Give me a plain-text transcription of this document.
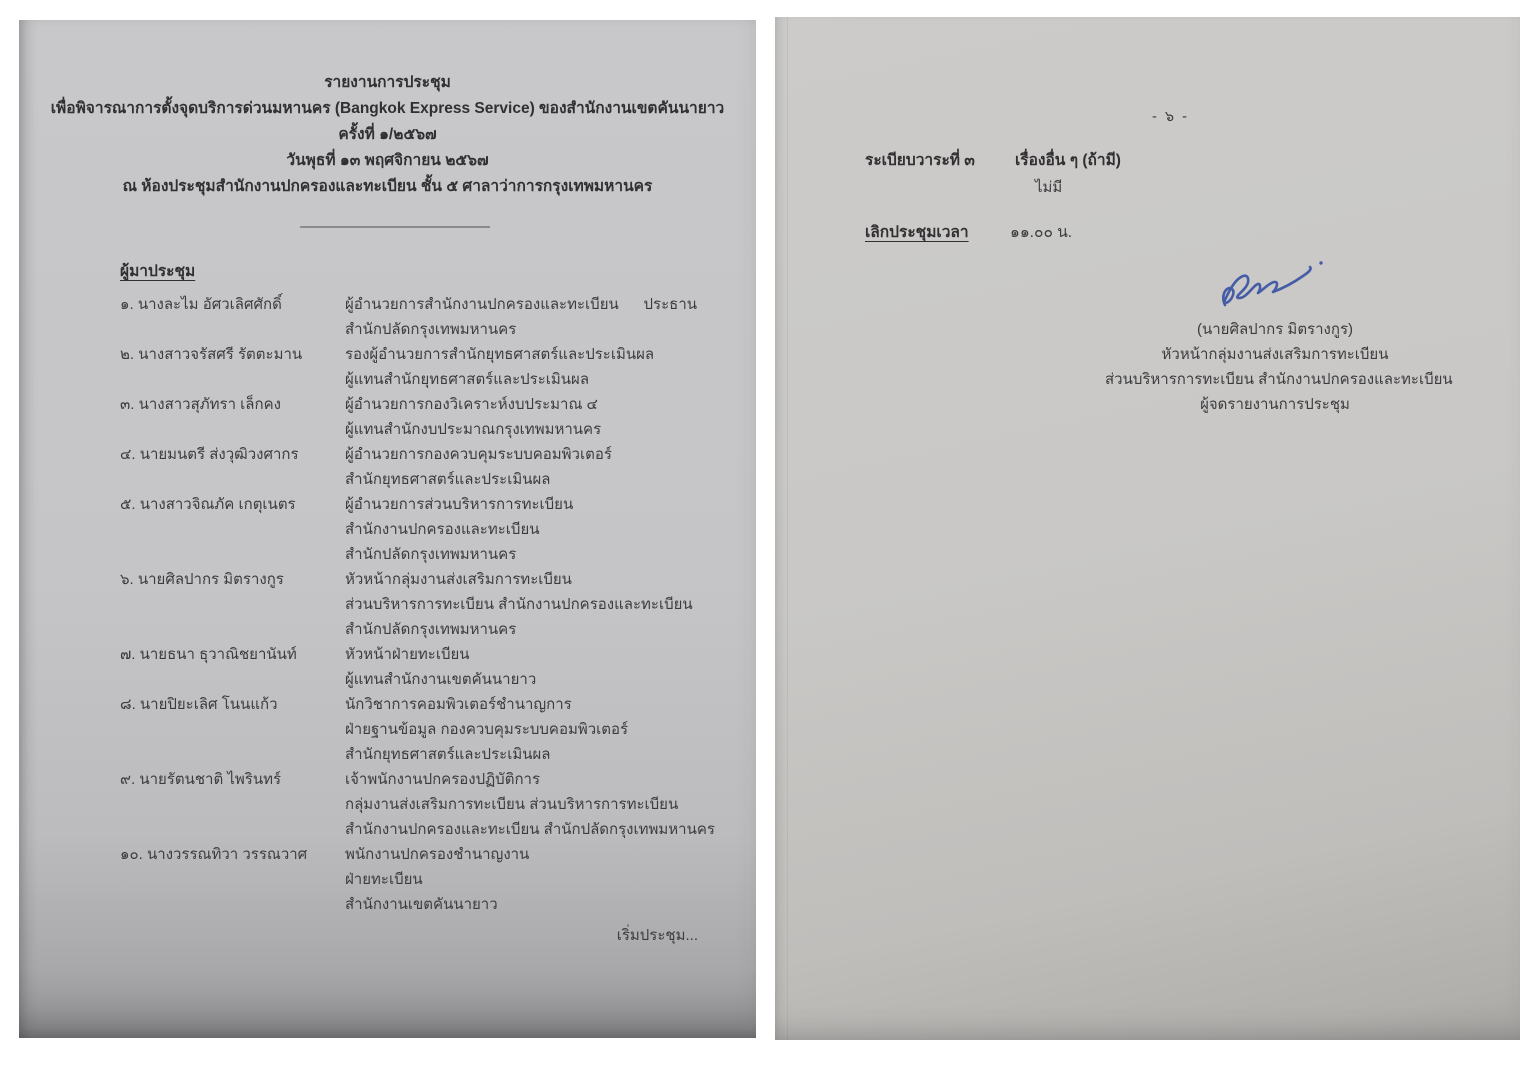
รายงานการประชุม
เพื่อพิจารณาการตั้งจุดบริการด่วนมหานคร (Bangkok Express Service) ของสำนักงานเขตคันนายาว
ครั้งที่ ๑/๒๕๖๗
วันพุธที่ ๑๓ พฤศจิกายน ๒๕๖๗
ณ ห้องประชุมสำนักงานปกครองและทะเบียน ชั้น ๕ ศาลาว่าการกรุงเทพมหานคร
ผู้มาประชุม
๑. นางละไม อัศวเลิศศักดิ์	ผู้อำนวยการสำนักงานปกครองและทะเบียน ประธาน
สำนักปลัดกรุงเทพมหานคร
๒. นางสาวจรัสศรี รัตตะมาน	รองผู้อำนวยการสำนักยุทธศาสตร์และประเมินผล
ผู้แทนสำนักยุทธศาสตร์และประเมินผล
๓. นางสาวสุภัทรา เล็กคง	ผู้อำนวยการกองวิเคราะห์งบประมาณ ๔
ผู้แทนสำนักงบประมาณกรุงเทพมหานคร
๔. นายมนตรี ส่งวุฒิวงศากร	ผู้อำนวยการกองควบคุมระบบคอมพิวเตอร์
สำนักยุทธศาสตร์และประเมินผล
๕. นางสาวจิณภัค เกตุเนตร	ผู้อำนวยการส่วนบริหารการทะเบียน
สำนักงานปกครองและทะเบียน
สำนักปลัดกรุงเทพมหานคร
๖. นายศิลปากร มิตรางกูร	หัวหน้ากลุ่มงานส่งเสริมการทะเบียน
ส่วนบริหารการทะเบียน สำนักงานปกครองและทะเบียน
สำนักปลัดกรุงเทพมหานคร
๗. นายธนา ธุวาณิชยานันท์	หัวหน้าฝ่ายทะเบียน
ผู้แทนสำนักงานเขตคันนายาว
๘. นายปิยะเลิศ โนนแก้ว	นักวิชาการคอมพิวเตอร์ชำนาญการ
ฝ่ายฐานข้อมูล กองควบคุมระบบคอมพิวเตอร์
สำนักยุทธศาสตร์และประเมินผล
๙. นายรัตนชาติ ไพรินทร์	เจ้าพนักงานปกครองปฏิบัติการ
กลุ่มงานส่งเสริมการทะเบียน ส่วนบริหารการทะเบียน
สำนักงานปกครองและทะเบียน สำนักปลัดกรุงเทพมหานคร
๑๐. นางวรรณทิวา วรรณวาศ	พนักงานปกครองชำนาญงาน
ฝ่ายทะเบียน
สำนักงานเขตคันนายาว
เริ่มประชุม...
- ๖ -
ระเบียบวาระที่ ๓	เรื่องอื่น ๆ (ถ้ามี)
ไม่มี
เลิกประชุมเวลา	๑๑.๐๐ น.
(นายศิลปากร มิตรางกูร)
หัวหน้ากลุ่มงานส่งเสริมการทะเบียน
ส่วนบริหารการทะเบียน สำนักงานปกครองและทะเบียน
ผู้จดรายงานการประชุม
